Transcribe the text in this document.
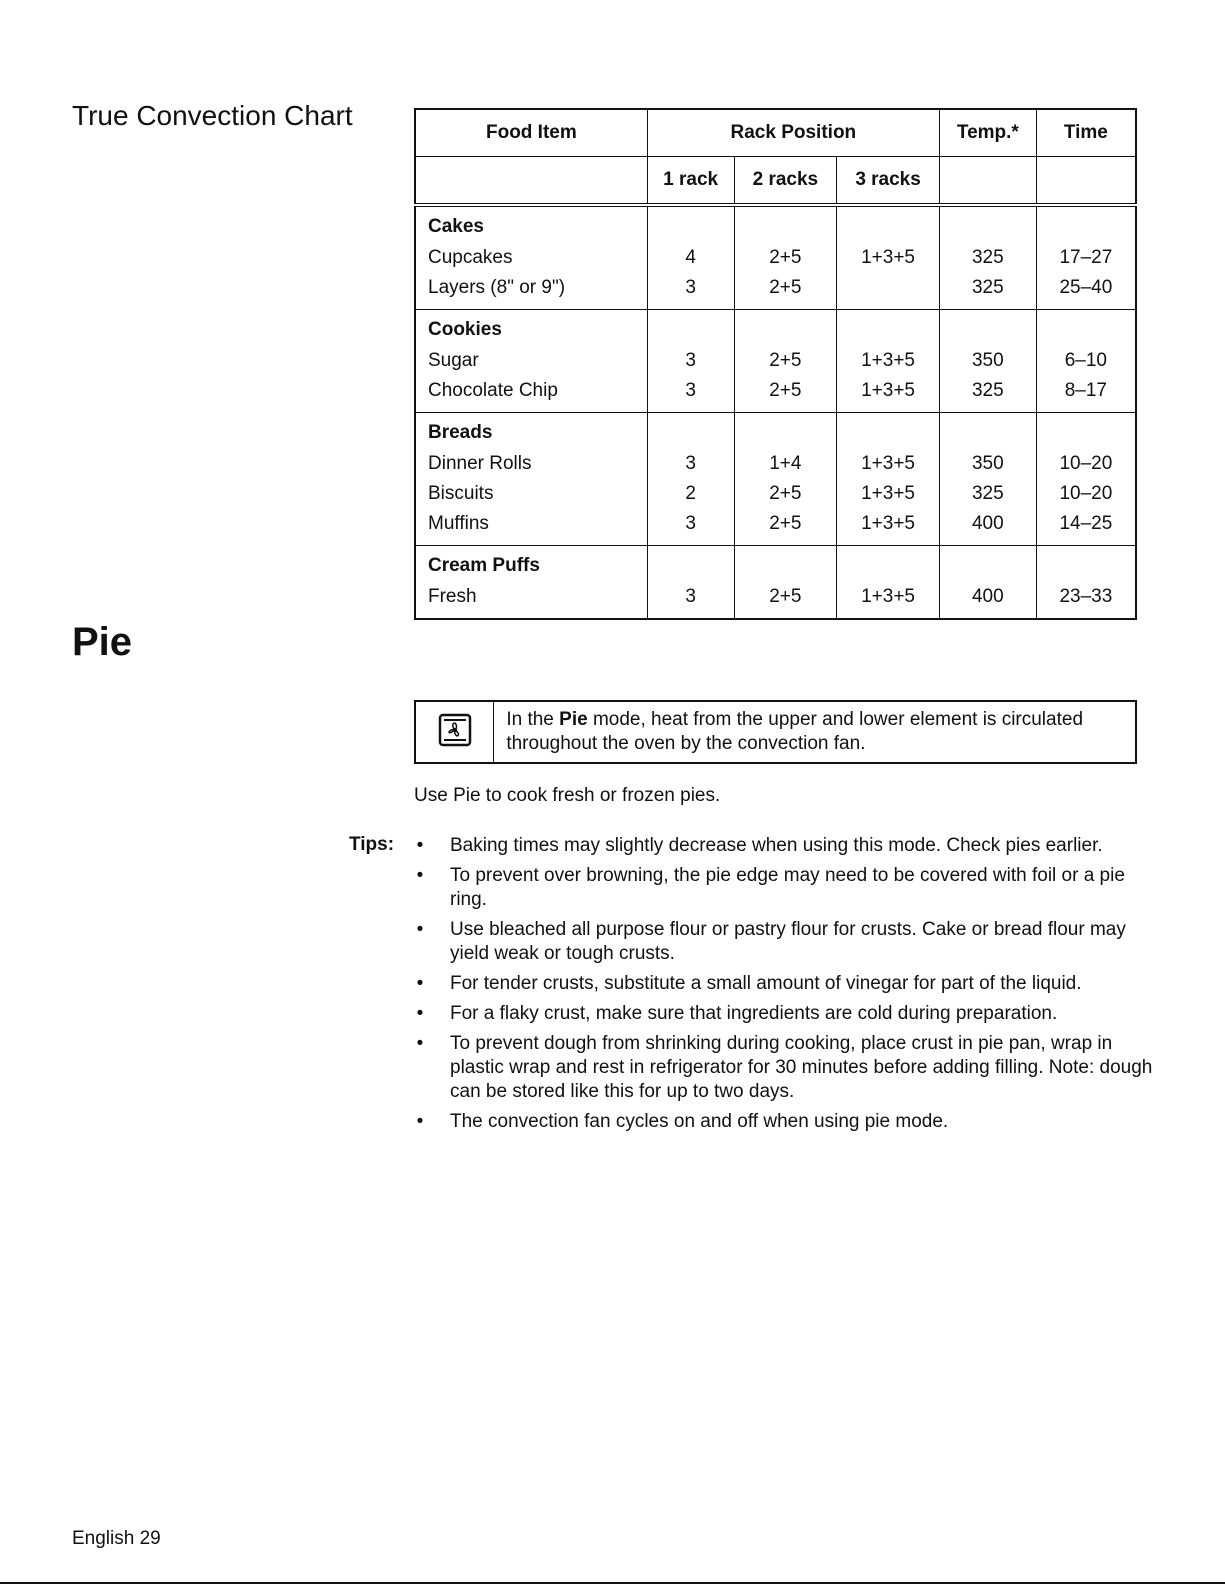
True Convection Chart
Food Item	Rack Position			Temp.*	Time
	1 rack	2 racks	3 racks		
Cakes					
Cupcakes	4	2+5	1+3+5	325	17–27
Layers (8" or 9")	3	2+5		325	25–40
Cookies					
Sugar	3	2+5	1+3+5	350	6–10
Chocolate Chip	3	2+5	1+3+5	325	8–17
Breads					
Dinner Rolls	3	1+4	1+3+5	350	10–20
Biscuits	2	2+5	1+3+5	325	10–20
Muffins	3	2+5	1+3+5	400	14–25
Cream Puffs					
Fresh	3	2+5	1+3+5	400	23–33
Pie
In the Pie mode, heat from the upper and lower element is circulated throughout the oven by the convection fan.

Use Pie to cook fresh or frozen pies.

Tips: • Baking times may slightly decrease when using this mode. Check pies earlier.
• To prevent over browning, the pie edge may need to be covered with foil or a pie ring.
• Use bleached all purpose flour or pastry flour for crusts. Cake or bread flour may yield weak or tough crusts.
• For tender crusts, substitute a small amount of vinegar for part of the liquid.
• For a flaky crust, make sure that ingredients are cold during preparation.
• To prevent dough from shrinking during cooking, place crust in pie pan, wrap in plastic wrap and rest in refrigerator for 30 minutes before adding filling. Note: dough can be stored like this for up to two days.
• The convection fan cycles on and off when using pie mode.
English 29
